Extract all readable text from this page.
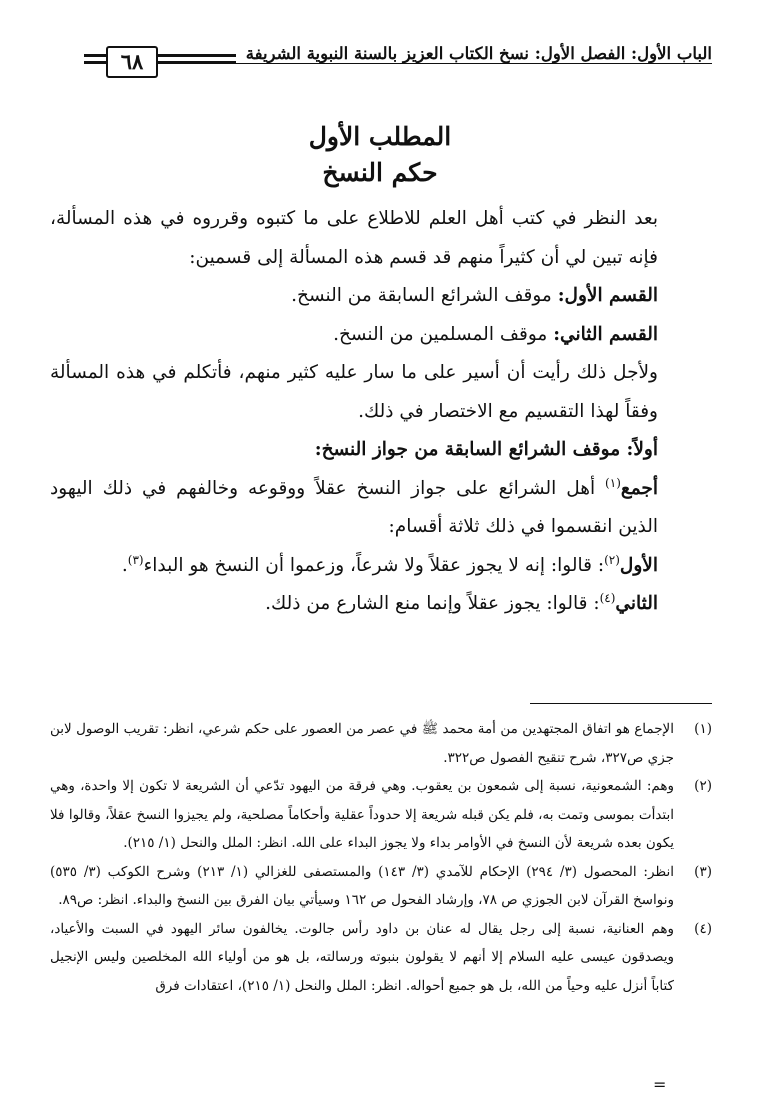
الباب الأول: الفصل الأول: نسخ الكتاب العزيز بالسنة النبوية الشريفة
٦٨
المطلب الأول
حكم النسخ

بعد النظر في كتب أهل العلم للاطلاع على ما كتبوه وقرروه في هذه المسألة، فإنه تبين لي أن كثيراً منهم قد قسم هذه المسألة إلى قسمين:

القسم الأول: موقف الشرائع السابقة من النسخ.

القسم الثاني: موقف المسلمين من النسخ.

ولأجل ذلك رأيت أن أسير على ما سار عليه كثير منهم، فأتكلم في هذه المسألة وفقاً لهذا التقسيم مع الاختصار في ذلك.

أولاً: موقف الشرائع السابقة من جواز النسخ:

أجمع$^{(١)}$ أهل الشرائع على جواز النسخ عقلاً ووقوعه وخالفهم في ذلك اليهود الذين انقسموا في ذلك ثلاثة أقسام:

الأول$^{(٢)}$: قالوا: إنه لا يجوز عقلاً ولا شرعاً، وزعموا أن النسخ هو البداء$^{(٣)}$.

الثاني$^{(٤)}$: قالوا: يجوز عقلاً وإنما منع الشارع من ذلك.

(١)
الإجماع هو اتفاق المجتهدين من أمة محمد ﷺ في عصر من العصور على حكم شرعي، انظر: تقريب الوصول لابن جزي ص٣٢٧، شرح تنقيح الفصول ص٣٢٢.
(٢)
وهم: الشمعونية، نسبة إلى شمعون بن يعقوب. وهي فرقة من اليهود تدّعي أن الشريعة لا تكون إلا واحدة، وهي ابتدأت بموسى وتمت به، فلم يكن قبله شريعة إلا حدوداً عقلية وأحكاماً مصلحية، ولم يجيزوا النسخ عقلاً، وقالوا فلا يكون بعده شريعة لأن النسخ في الأوامر بداء ولا يجوز البداء على الله. انظر: الملل والنحل (١/ ٢١٥).
(٣)
انظر: المحصول (٣/ ٢٩٤) الإحكام للآمدي (٣/ ١٤٣) والمستصفى للغزالي (١/ ٢١٣) وشرح الكوكب (٣/ ٥٣٥) ونواسخ القرآن لابن الجوزي ص ٧٨، وإرشاد الفحول ص ١٦٢ وسيأتي بيان الفرق بين النسخ والبداء. انظر: ص٨٩.
(٤)
وهم العنانية، نسبة إلى رجل يقال له عنان بن داود رأس جالوت. يخالفون سائر اليهود في السبت والأعياد، ويصدقون عيسى عليه السلام إلا أنهم لا يقولون بنبوته ورسالته، بل هو من أولياء الله المخلصين وليس الإنجيل كتاباً أنزل عليه وحياً من الله، بل هو جميع أحواله. انظر: الملل والنحل (١/ ٢١٥)، اعتقادات فرق
=
